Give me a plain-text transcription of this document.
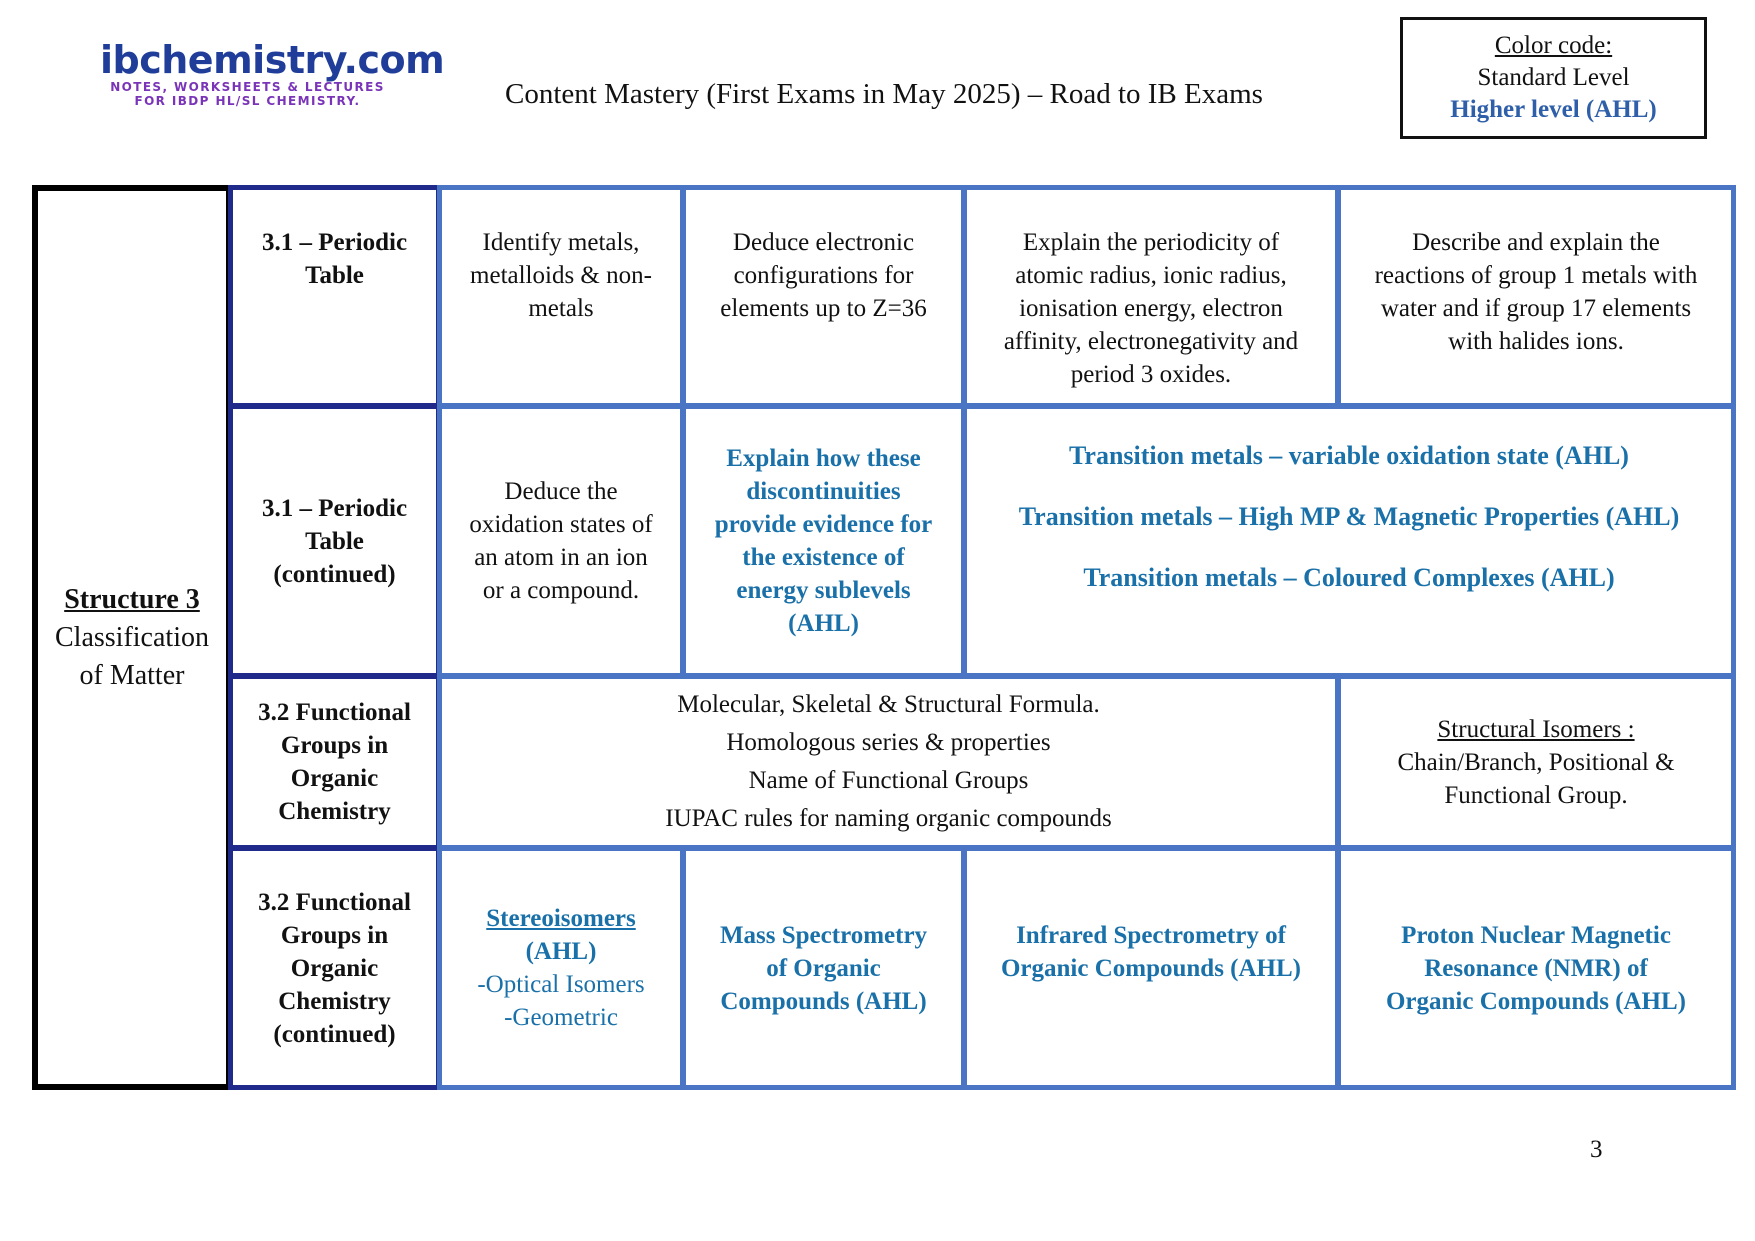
ibchemistry.com
NOTES, WORKSHEETS & LECTURES
FOR IBDP HL/SL CHEMISTRY.	Content Mastery (First Exams in May 2025) – Road to IB Exams
Color code:
Standard Level
Higher level (AHL)
Structure 3
Classification
of Matter
3.1 – Periodic
Table
Identify metals,
metalloids & non-
metals
Deduce electronic
configurations for
elements up to Z=36
Explain the periodicity of
atomic radius, ionic radius,
ionisation energy, electron
affinity, electronegativity and
period 3 oxides.
Describe and explain the
reactions of group 1 metals with
water and if group 17 elements
with halides ions.
3.1 – Periodic
Table
(continued)
Deduce the
oxidation states of
an atom in an ion
or a compound.
Explain how these
discontinuities
provide evidence for
the existence of
energy sublevels
(AHL)
Transition metals – variable oxidation state (AHL)
Transition metals – High MP & Magnetic Properties (AHL)
Transition metals – Coloured Complexes (AHL)
3.2 Functional
Groups in
Organic
Chemistry
Molecular, Skeletal & Structural Formula.
Homologous series & properties
Name of Functional Groups
IUPAC rules for naming organic compounds
Structural Isomers :
Chain/Branch, Positional &
Functional Group.
3.2 Functional
Groups in
Organic
Chemistry
(continued)
Stereoisomers
(AHL)
-Optical Isomers
-Geometric
Mass Spectrometry
of Organic
Compounds (AHL)
Infrared Spectrometry of
Organic Compounds (AHL)
Proton Nuclear Magnetic
Resonance (NMR) of
Organic Compounds (AHL)
3
